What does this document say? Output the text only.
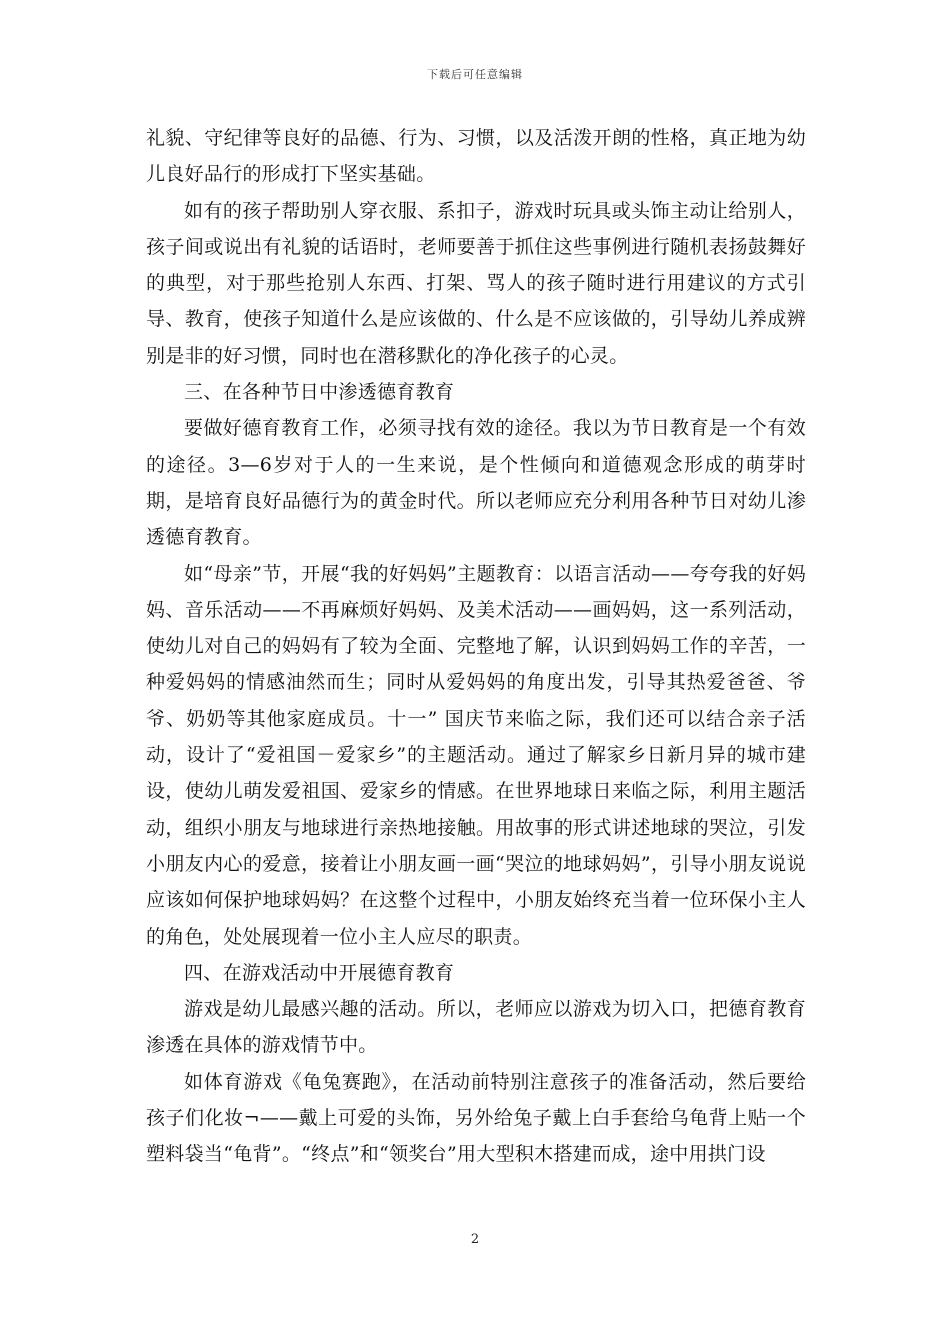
下载后可任意编辑

礼貌、守纪律等良好的品德、行为、习惯，以及活泼开朗的性格，真正地为幼儿良好品行的形成打下坚实基础。

如有的孩子帮助别人穿衣服、系扣子，游戏时玩具或头饰主动让给别人，孩子间或说出有礼貌的话语时，老师要善于抓住这些事例进行随机表扬鼓舞好的典型，对于那些抢别人东西、打架、骂人的孩子随时进行用建议的方式引导、教育，使孩子知道什么是应该做的、什么是不应该做的，引导幼儿养成辨别是非的好习惯，同时也在潜移默化的净化孩子的心灵。

三、在各种节日中渗透德育教育

要做好德育教育工作，必须寻找有效的途径。我以为节日教育是一个有效的途径。3—6岁对于人的一生来说，是个性倾向和道德观念形成的萌芽时期，是培育良好品德行为的黄金时代。所以老师应充分利用各种节日对幼儿渗透德育教育。

如“母亲”节，开展“我的好妈妈”主题教育：以语言活动——夸夸我的好妈妈、音乐活动——不再麻烦好妈妈、及美术活动——画妈妈，这一系列活动，使幼儿对自己的妈妈有了较为全面、完整地了解，认识到妈妈工作的辛苦，一种爱妈妈的情感油然而生；同时从爱妈妈的角度出发，引导其热爱爸爸、爷爷、奶奶等其他家庭成员。十一” 国庆节来临之际，我们还可以结合亲子活动，设计了“爱祖国－爱家乡”的主题活动。通过了解家乡日新月异的城市建设，使幼儿萌发爱祖国、爱家乡的情感。在世界地球日来临之际，利用主题活动，组织小朋友与地球进行亲热地接触。用故事的形式讲述地球的哭泣，引发小朋友内心的爱意，接着让小朋友画一画“哭泣的地球妈妈”，引导小朋友说说应该如何保护地球妈妈？在这整个过程中，小朋友始终充当着一位环保小主人的角色，处处展现着一位小主人应尽的职责。

四、在游戏活动中开展德育教育

游戏是幼儿最感兴趣的活动。所以，老师应以游戏为切入口，把德育教育渗透在具体的游戏情节中。

如体育游戏《龟兔赛跑》，在活动前特别注意孩子的准备活动，然后要给孩子们化妆¬——戴上可爱的头饰，另外给兔子戴上白手套给乌龟背上贴一个塑料袋当“龟背”。“终点”和“领奖台”用大型积木搭建而成，途中用拱门设

2
